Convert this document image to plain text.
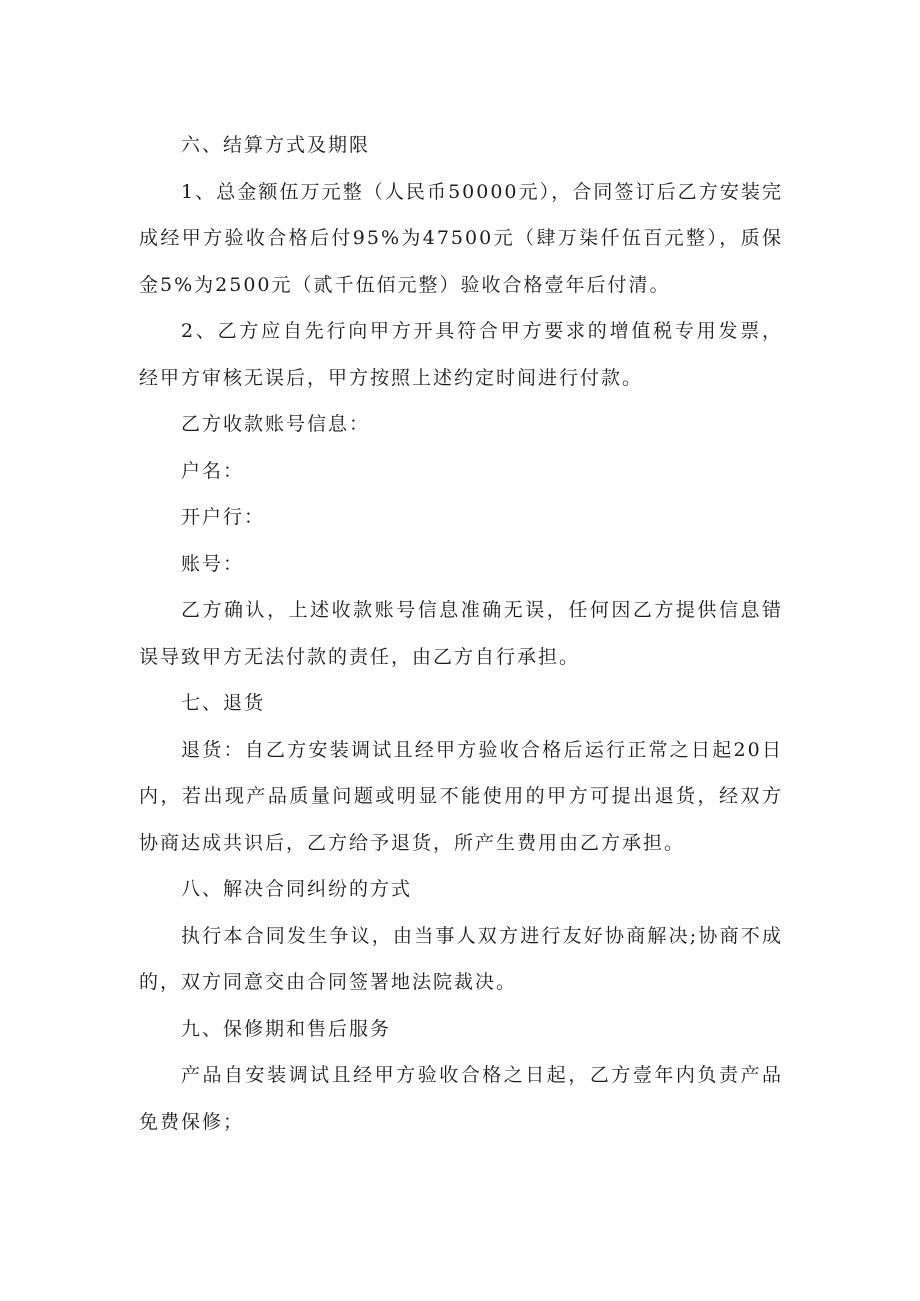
六、结算方式及期限

1、总金额伍万元整（人民币50000元），合同签订后乙方安装完成经甲方验收合格后付95%为47500元（肆万柒仟伍百元整），质保金5%为2500元（贰千伍佰元整）验收合格壹年后付清。

2、乙方应自先行向甲方开具符合甲方要求的增值税专用发票，经甲方审核无误后，甲方按照上述约定时间进行付款。

乙方收款账号信息：

户名：

开户行：

账号：

乙方确认，上述收款账号信息准确无误，任何因乙方提供信息错误导致甲方无法付款的责任，由乙方自行承担。

七、退货

退货：自乙方安装调试且经甲方验收合格后运行正常之日起20日内，若出现产品质量问题或明显不能使用的甲方可提出退货，经双方协商达成共识后，乙方给予退货，所产生费用由乙方承担。

八、解决合同纠纷的方式

执行本合同发生争议，由当事人双方进行友好协商解决;协商不成的，双方同意交由合同签署地法院裁决。

九、保修期和售后服务

产品自安装调试且经甲方验收合格之日起，乙方壹年内负责产品免费保修；
